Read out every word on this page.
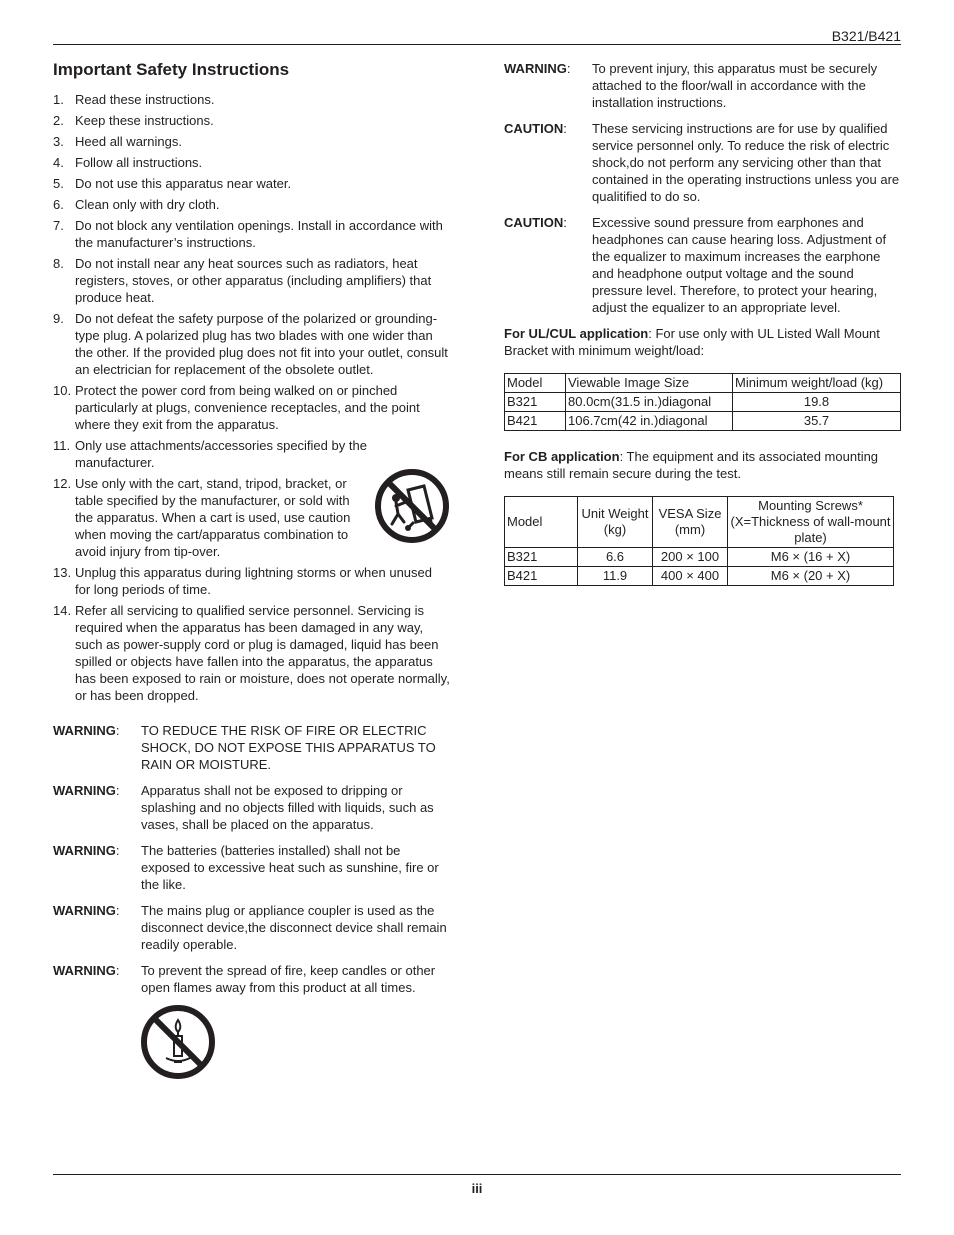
B321/B421
Important Safety Instructions
1. Read these instructions.
2. Keep these instructions.
3. Heed all warnings.
4. Follow all instructions.
5. Do not use this apparatus near water.
6. Clean only with dry cloth.
7. Do not block any ventilation openings. Install in accordance with the manufacturer’s instructions.
8. Do not install near any heat sources such as radiators, heat registers, stoves, or other apparatus (including amplifiers) that produce heat.
9. Do not defeat the safety purpose of the polarized or grounding-type plug. A polarized plug has two blades with one wider than the other. If the provided plug does not fit into your outlet, consult an electrician for replacement of the obsolete outlet.
10. Protect the power cord from being walked on or pinched particularly at plugs, convenience receptacles, and the point where they exit from the apparatus.
11. Only use attachments/accessories specified by the manufacturer.
12. Use only with the cart, stand, tripod, bracket, or table specified by the manufacturer, or sold with the apparatus. When a cart is used, use caution when moving the cart/apparatus combination to avoid injury from tip-over.
13. Unplug this apparatus during lightning storms or when unused for long periods of time.
14. Refer all servicing to qualified service personnel. Servicing is required when the apparatus has been damaged in any way, such as power-supply cord or plug is damaged, liquid has been spilled or objects have fallen into the apparatus, the apparatus has been exposed to rain or moisture, does not operate normally, or has been dropped.
WARNING:	TO REDUCE THE RISK OF FIRE OR ELECTRIC SHOCK, DO NOT EXPOSE THIS APPARATUS TO RAIN OR MOISTURE.
WARNING:	Apparatus shall not be exposed to dripping or splashing and no objects filled with liquids, such as vases, shall be placed on the apparatus.
WARNING:	The batteries (batteries installed) shall not be exposed to excessive heat such as sunshine, fire or the like.
WARNING:	The mains plug or appliance coupler is used as the disconnect device,the disconnect device shall remain readily operable.
WARNING:	To prevent the spread of fire, keep candles or other open flames away from this product at all times.
WARNING:	To prevent injury, this apparatus must be securely attached to the floor/wall in accordance with the installation instructions.
CAUTION:	These servicing instructions are for use by qualified service personnel only. To reduce the risk of electric shock,do not perform any servicing other than that contained in the operating instructions unless you are qualitified to do so.
CAUTION:	Excessive sound pressure from earphones and headphones can cause hearing loss. Adjustment of the equalizer to maximum increases the earphone and headphone output voltage and the sound pressure level. Therefore, to protect your hearing, adjust the equalizer to an appropriate level.
For UL/CUL application: For use only with UL Listed Wall Mount Bracket with minimum weight/load:
Model	Viewable Image Size	Minimum weight/load (kg)
B321	80.0cm(31.5 in.)diagonal	19.8
B421	106.7cm(42 in.)diagonal	35.7
For CB application: The equipment and its associated mounting means still remain secure during the test.
Model	Unit Weight (kg)	VESA Size (mm)	Mounting Screws* (X=Thickness of wall-mount plate)
B321	6.6	200 × 100	M6 × (16 + X)
B421	11.9	400 × 400	M6 × (20 + X)
iii
